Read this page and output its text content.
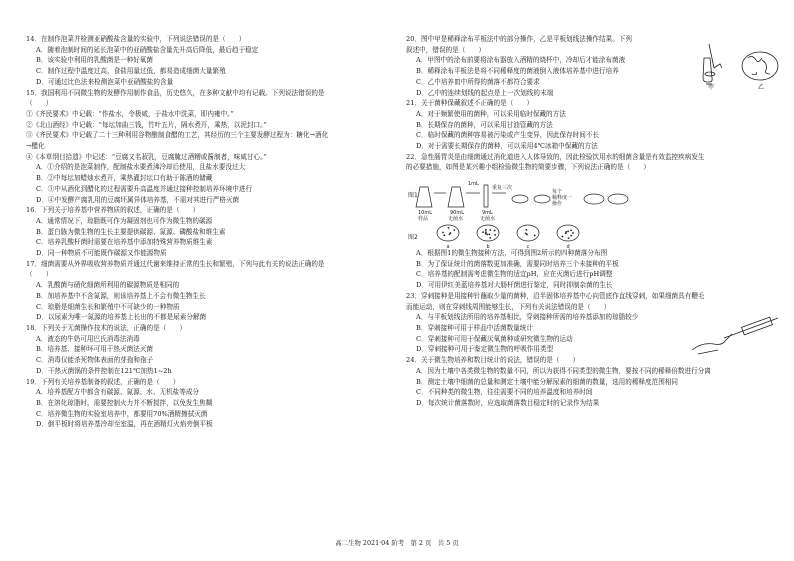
14．在制作泡菜并检测亚硝酸盐含量的实验中，下列说法错误的是（　　）
A．随着泡制时间的延长泡菜中的亚硝酸盐含量先升高后降低，最后趋于稳定
B．该实验中利用的乳酸菌是一种好氧菌
C．制作过程中温度过高，食盐用量过低，都易造成细菌大量繁殖
D．可通过比色法来检测泡菜中亚硝酸盐的含量
15．我国利用不同微生物的发酵作用制作食品，历史悠久，在多种文献中均有记载。下列说法错误的是
（　　）
①《齐民要术》中记载：“作盐水，令极咸，于盐水中洗菜，即内雍中。”
②《北山酒经》中记载：“每坛加曲三钱，竹叶五片，隔水煮开，乘热，以泥封口。”
③《齐民要术》中记载了二十三种利用谷物酿制食醋的工艺，其经历的三个主要发酵过程为：糖化→酒化
→醋化
④《本草纲目拾遗》中记述：“豆腐又名菽乳，豆腐腌过酒糟或酱制者，味咸甘心。”
A．①介绍的是泡菜制作，配制盐水要煮沸冷却后使用，且盐水要没过大
B．②中每坛加蜡烛水煮开，乘热灌封坛口有助于陈酒的储藏
C．③中从酒化到醋化的过程需要升高温度并通过接种控制培养环境中进行
D．④中发酵产腐乳用的豆腐坯属异体培养基，不需对其进行严格灭菌
16．下列关于培养基中营养物质的叙述，正确的是（　　）
A．通常情况下，琼脂既可作为凝固剂也可作为微生物的碳源
B．蛋白胨为微生物的生长主要提供碳源、氮源、磷酸盐和维生素
C．培养乳酸杆菌时需要在培养基中添加特殊营养物质维生素
D．同一种物质不可能既作碳源又作能源物质
17．细菌需要从外界吸收营养物质并通过代谢来维持正常的生长和繁殖，下列与此有关的说法正确的是
（　　）
A．乳酸菌与硝化细菌所利用的碳源物质是相同的
B．加培养基中不含氮源，则该培养基上不会有微生物生长
C．琼脂是细菌生长和繁殖中不可缺少的一种物质
D．以尿素为唯一氮源的培养基上长出的不都是尿素分解菌
18．下列关于无菌操作技术的说法，正确的是（　　）
A．液态的牛奶可用巴氏消毒法消毒
B．培养基、接种环可用干热灭菌法灭菌
C．消毒仅能杀死物体表面的芽孢和孢子
D．干热灭菌锅的条件控制在121℃加热1~2h
19．下列有关培养基制备的叙述，正确的是（　　）
A．培养基配方中都含有碳源、氮源、水、无机盐等成分
B．在溶化琼脂时，需要控制火力并不断搅拌，以免发生焦糊
C．培养微生物的实验室培养中，都要用70%酒精擦拭灭菌
D．倒平板时将培养基冷却至室温，再在酒精灯火焰旁倒平板
20．图中甲是稀释涂布平板法中的部分操作，乙是平板划线法操作结果。下列
叙述中，错误的是（　　）
A．甲图中的涂布前要将涂布器放入酒精的烧杯中，冷却后才能涂布菌液
B．稀释涂布平板法是将不同稀释度的菌液倒入液体培养基中进行培养
C．乙中培养皿中所得的菌落不都符合要求
D．乙中的连续划线的起点是上一次划线的末端
21．关于菌种保藏叙述不正确的是（　　）
A．对于频繁使用的菌种，可以采用临时保藏的方法
B．长期保存的菌种，可以采用甘油管藏的方法
C．临时保藏的菌种容易被污染或产生变异，因此保存时间不长
D．对于需要长期保存的菌种，可以采用4℃冰箱中保藏的方法
22．急性肠胃炎是由细菌通过消化道进入人体导致的，因此检验饮用水的细菌含量是有效监控疾病发生
的必要措施，如图是某兴趣小组检验微生物的简要步骤，下列说法正确的是（　　）

A．根据图1的微生物接种方法，可得到图2所示的四种菌落分布图
B．为了保证统计的菌落数更加准确，需要同时培养三个未接种的平板
C．培养基的配制需考虑微生物的适宜pH，应在灭菌后进行pH调整
D．可用伊红美蓝培养基对大肠杆菌进行鉴定，同时抑制杂菌的生长
23．穿刺接种是用接种针蘸取少量的菌种，沿半固体培养基中心向管底作直线穿刺，如果细菌具有鞭毛
而能运动，则在穿刺线周围能够生长，下列有关说法错误的是（　　）
A．与平板划线法所用的培养基相比，穿刺接种所需的培养基添加的琼脂较少
B．穿刺接种可用于样品中活菌数量统计
C．穿刺接种可用于保藏厌氧菌种或研究微生物的运动
D．穿刺接种可用于鉴定微生物的呼吸作用类型
24．关于微生物培养和数目统计的说法，错误的是（　　）
A．因为土壤中各类微生物的数量不同，所以为获得不同类型的微生物，要按不同的稀释倍数进行分离
B．测定土壤中细菌的总量和测定土壤中能分解尿素的细菌的数量，选用的稀释度范围相同
C．不同种类的微生物，往往需要不同的培养温度和培养时间
D．每次统计菌落数时，应选取菌落数目稳定时的记录作为结果
甲	乙
图1
1mL
10mL	90mL	9mL
样品	无菌水	无菌水
重复三次
每个
稀释度一
操作
图2
a	b	c	d
高二生物 2021·04 阶考　第 2 页　共 5 页
